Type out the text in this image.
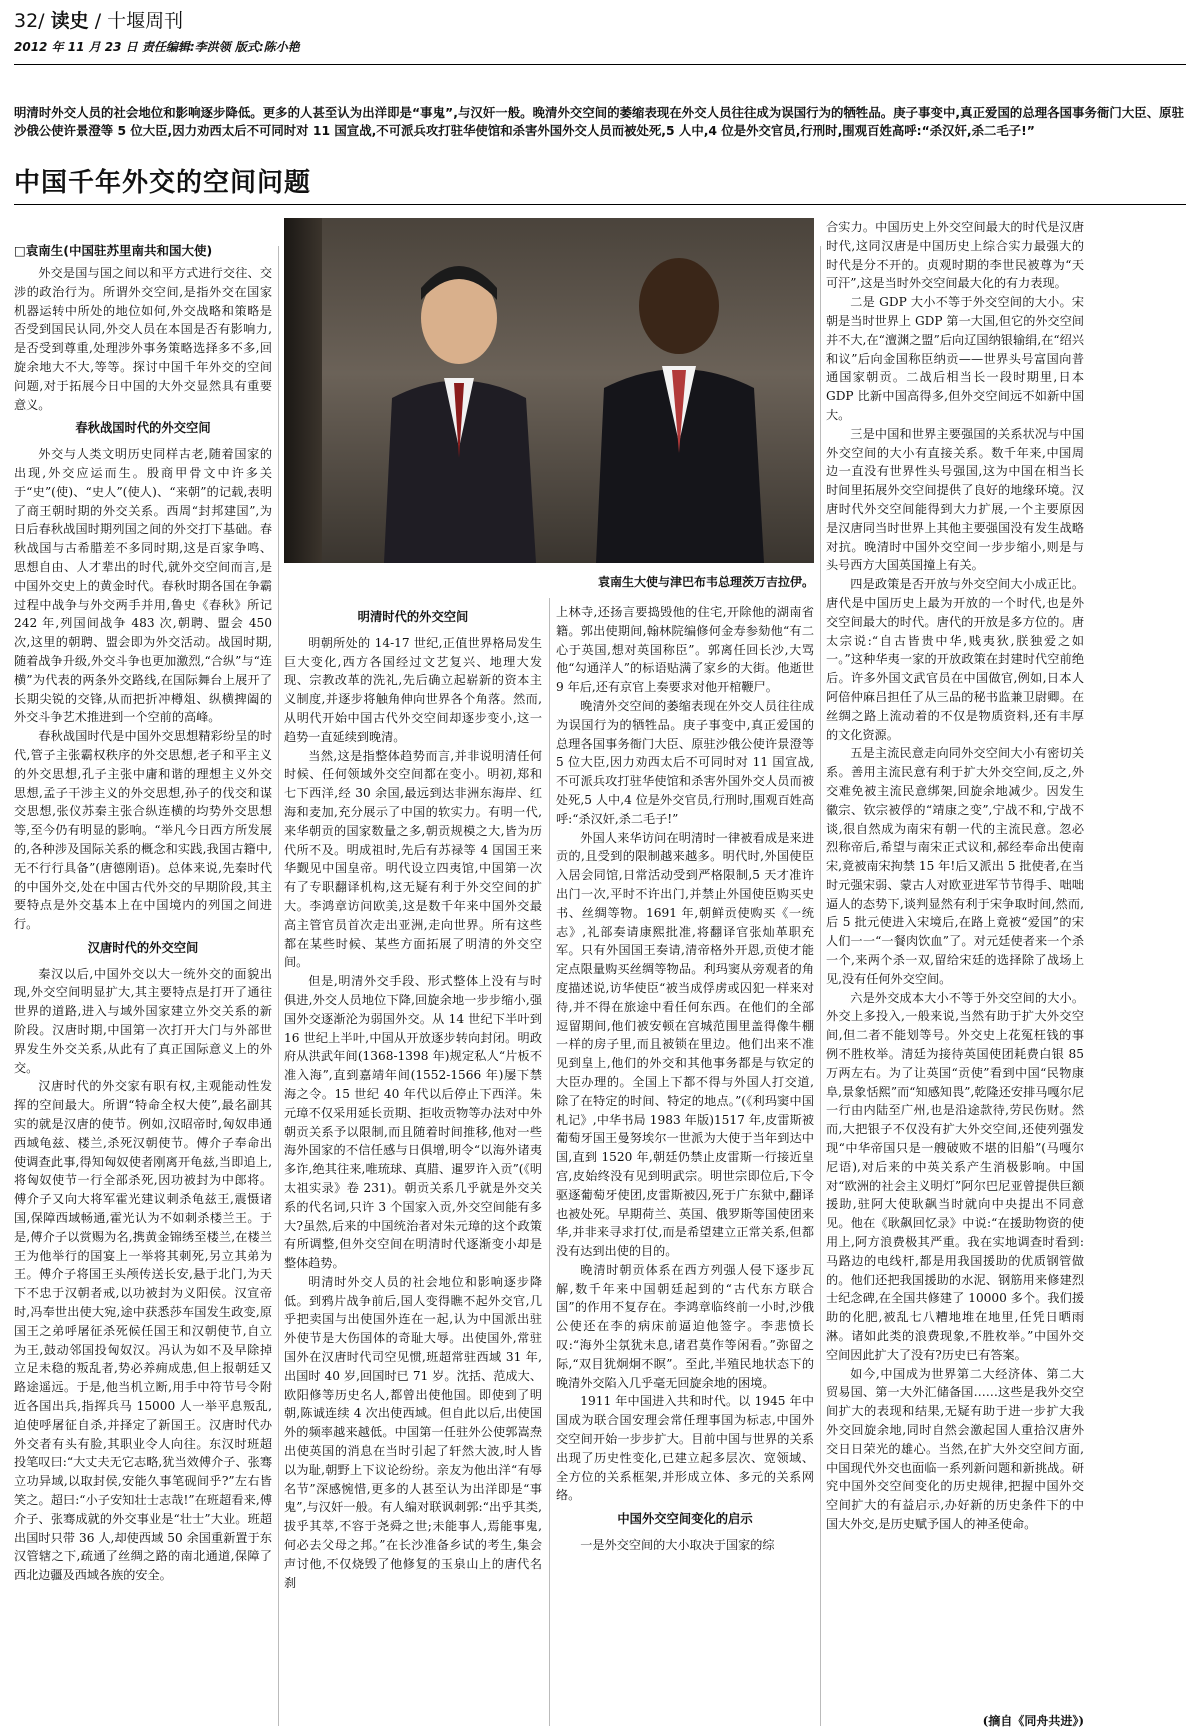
32/ 读史 / 十堰周刊
2012 年 11 月 23 日 责任编辑:李洪领 版式:陈小艳
明清时外交人员的社会地位和影响逐步降低。更多的人甚至认为出洋即是“事鬼”,与汉奸一般。晚清外交空间的萎缩表现在外交人员往往成为误国行为的牺牲品。庚子事变中,真正爱国的总理各国事务衙门大臣、原驻沙俄公使许景澄等 5 位大臣,因力劝西太后不可同时对 11 国宣战,不可派兵攻打驻华使馆和杀害外国外交人员而被处死,5 人中,4 位是外交官员,行刑时,围观百姓高呼:“杀汉奸,杀二毛子!”
中国千年外交的空间问题
□袁南生(中国驻苏里南共和国大使)

外交是国与国之间以和平方式进行交往、交涉的政治行为。所谓外交空间,是指外交在国家机器运转中所处的地位如何,外交战略和策略是否受到国民认同,外交人员在本国是否有影响力,是否受到尊重,处理涉外事务策略选择多不多,回旋余地大不大,等等。探讨中国千年外交的空间问题,对于拓展今日中国的大外交显然具有重要意义。

春秋战国时代的外交空间

外交与人类文明历史同样古老,随着国家的出现,外交应运而生。殷商甲骨文中许多关于“史”(使)、“史人”(使人)、“来朝”的记载,表明了商王朝时期的外交关系。西周“封邦建国”,为日后春秋战国时期列国之间的外交打下基础。春秋战国与古希腊差不多同时期,这是百家争鸣、思想自由、人才辈出的时代,就外交空间而言,是中国外交史上的黄金时代。春秋时期各国在争霸过程中战争与外交两手并用,鲁史《春秋》所记 242 年,列国间战争 483 次,朝聘、盟会 450 次,这里的朝聘、盟会即为外交活动。战国时期,随着战争升级,外交斗争也更加激烈,“合纵”与“连横”为代表的两条外交路线,在国际舞台上展开了长期尖锐的交锋,从而把折冲樽俎、纵横捭阖的外交斗争艺术推进到一个空前的高峰。

春秋战国时代是中国外交思想精彩纷呈的时代,管子主张霸权秩序的外交思想,老子和平主义的外交思想,孔子主张中庸和谐的理想主义外交思想,孟子干涉主义的外交思想,孙子的伐交和谋交思想,张仪苏秦主张合纵连横的均势外交思想等,至今仍有明显的影响。“举凡今日西方所发展的,各种涉及国际关系的概念和实践,我国古籍中,无不行行具备”(唐德刚语)。总体来说,先秦时代的中国外交,处在中国古代外交的早期阶段,其主要特点是外交基本上在中国境内的列国之间进行。

汉唐时代的外交空间

秦汉以后,中国外交以大一统外交的面貌出现,外交空间明显扩大,其主要特点是打开了通往世界的道路,进入与域外国家建立外交关系的新阶段。汉唐时期,中国第一次打开大门与外部世界发生外交关系,从此有了真正国际意义上的外交。

汉唐时代的外交家有职有权,主观能动性发挥的空间最大。所谓“特命全权大使”,最名副其实的就是汉唐的使节。例如,汉昭帝时,匈奴串通西域龟兹、楼兰,杀死汉朝使节。傅介子奉命出使调查此事,得知匈奴使者刚离开龟兹,当即追上,将匈奴使节一行全部杀死,因功被封为中郎将。傅介子又向大将军霍光建议刺杀龟兹王,震慑诸国,保障西域畅通,霍光认为不如刺杀楼兰王。于是,傅介子以赏赐为名,携黄金锦绣至楼兰,在楼兰王为他举行的国宴上一举将其刺死,另立其弟为王。傅介子将国王头颅传送长安,悬于北门,为天下不忠于汉朝者戒,以功被封为义阳侯。汉宣帝时,冯奉世出使大宛,途中获悉莎车国发生政变,原国王之弟呼屠征杀死候任国王和汉朝使节,自立为王,鼓动邻国投匈奴汉。冯认为如不及早除掉立足未稳的叛乱者,势必养痈成患,但上报朝廷又路途遥远。于是,他当机立断,用手中符节号令附近各国出兵,指挥兵马 15000 人一举平息叛乱,迫使呼屠征自杀,并择定了新国王。汉唐时代办外交者有头有脸,其职业令人向往。东汉时班超投笔叹曰:“大丈夫无它志略,犹当效傅介子、张骞立功异域,以取封侯,安能久事笔砚间乎?”左右皆笑之。超曰:“小子安知壮士志哉!”在班超看来,傅介子、张骞成就的外交事业是“壮士”大业。班超出国时只带 36 人,却使西域 50 余国重新置于东汉管辖之下,疏通了丝绸之路的南北通道,保障了西北边疆及西域各族的安全。

袁南生大使与津巴布韦总理茨万吉拉伊。
明清时代的外交空间

明朝所处的 14-17 世纪,正值世界格局发生巨大变化,西方各国经过文艺复兴、地理大发现、宗教改革的洗礼,先后确立起崭新的资本主义制度,并逐步将触角伸向世界各个角落。然而,从明代开始中国古代外交空间却逐步变小,这一趋势一直延续到晚清。

当然,这是指整体趋势而言,并非说明清任何时候、任何领域外交空间都在变小。明初,郑和七下西洋,经 30 余国,最远到达非洲东海岸、红海和麦加,充分展示了中国的软实力。有明一代,来华朝贡的国家数量之多,朝贡规模之大,皆为历代所不及。明成祖时,先后有苏禄等 4 国国王来华觐见中国皇帝。明代设立四夷馆,中国第一次有了专职翻译机构,这无疑有利于外交空间的扩大。李鸿章访问欧美,这是数千年来中国外交最高主管官员首次走出亚洲,走向世界。所有这些都在某些时候、某些方面拓展了明清的外交空间。

但是,明清外交手段、形式整体上没有与时俱进,外交人员地位下降,回旋余地一步步缩小,强国外交逐渐沦为弱国外交。从 14 世纪下半叶到 16 世纪上半叶,中国从开放逐步转向封闭。明政府从洪武年间(1368-1398 年)规定私人“片板不准入海”,直到嘉靖年间(1552-1566 年)屡下禁海之令。15 世纪 40 年代以后停止下西洋。朱元璋不仅采用延长贡期、拒收贡物等办法对中外朝贡关系予以限制,而且随着时间推移,他对一些海外国家的不信任感与日俱增,明令“以海外诸夷多诈,绝其往来,唯琉球、真腊、暹罗许入贡”(《明太祖实录》卷 231)。朝贡关系几乎就是外交关系的代名词,只许 3 个国家入贡,外交空间能有多大?虽然,后来的中国统治者对朱元璋的这个政策有所调整,但外交空间在明清时代逐渐变小却是整体趋势。

明清时外交人员的社会地位和影响逐步降低。到鸦片战争前后,国人变得瞧不起外交官,几乎把卖国与出使国外连在一起,认为中国派出驻外使节是大伤国体的奇耻大辱。出使国外,常驻国外在汉唐时代司空见惯,班超常驻西域 31 年,出国时 40 岁,回国时已 71 岁。沈括、范成大、欧阳修等历史名人,都曾出使他国。即使到了明朝,陈诚连续 4 次出使西域。但自此以后,出使国外的频率越来越低。中国第一任驻外公使郭嵩焘出使英国的消息在当时引起了轩然大波,时人皆以为耻,朝野上下议论纷纷。亲友为他出洋“有辱名节”深感惋惜,更多的人甚至认为出洋即是“事鬼”,与汉奸一般。有人编对联讽刺郭:“出乎其类,拔乎其萃,不容于尧舜之世;未能事人,焉能事鬼,何必去父母之邦。”在长沙准备乡试的考生,集会声讨他,不仅烧毁了他修复的玉泉山上的唐代名刹

上林寺,还扬言要捣毁他的住宅,开除他的湖南省籍。郭出使期间,翰林院编修何金寿参劾他“有二心于英国,想对英国称臣”。郭离任回长沙,大骂他“勾通洋人”的标语贴满了家乡的大街。他逝世 9 年后,还有京官上奏要求对他开棺鞭尸。

晚清外交空间的萎缩表现在外交人员往往成为误国行为的牺牲品。庚子事变中,真正爱国的总理各国事务衙门大臣、原驻沙俄公使许景澄等 5 位大臣,因力劝西太后不可同时对 11 国宣战,不可派兵攻打驻华使馆和杀害外国外交人员而被处死,5 人中,4 位是外交官员,行刑时,围观百姓高呼:“杀汉奸,杀二毛子!”

外国人来华访问在明清时一律被看成是来进贡的,且受到的限制越来越多。明代时,外国使臣入居会同馆,日常活动受到严格限制,5 天才准许出门一次,平时不许出门,并禁止外国使臣购买史书、丝绸等物。1691 年,朝鲜贡使购买《一统志》,礼部奏请康熙批准,将翻译官张灿革职充军。只有外国国王奏请,清帝格外开恩,贡使才能定点限量购买丝绸等物品。利玛窦从旁观者的角度描述说,访华使臣“被当成俘虏或囚犯一样来对待,并不得在旅途中看任何东西。在他们的全部逗留期间,他们被安顿在宫城范围里盖得像牛棚一样的房子里,而且被锁在里边。他们出来不准见到皇上,他们的外交和其他事务都是与钦定的大臣办理的。全国上下都不得与外国人打交道,除了在特定的时间、特定的地点。”(《利玛窦中国札记》,中华书局 1983 年版)1517 年,皮雷斯被葡萄牙国王曼努埃尔一世派为大使于当年到达中国,直到 1520 年,朝廷仍禁止皮雷斯一行接近皇宫,皮始终没有见到明武宗。明世宗即位后,下令驱逐葡萄牙使团,皮雷斯被囚,死于广东狱中,翻译也被处死。早期荷兰、英国、俄罗斯等国使团来华,并非来寻求打仗,而是希望建立正常关系,但都没有达到出使的目的。

晚清时朝贡体系在西方列强人侵下逐步瓦解,数千年来中国朝廷起到的“古代东方联合国”的作用不复存在。李鸿章临终前一小时,沙俄公使还在李的病床前逼迫他签字。李悲愤长叹:“海外尘氛犹未息,诸君莫作等闲看。”弥留之际,“双目犹炯炯不瞑”。至此,半殖民地状态下的晚清外交陷入几乎毫无回旋余地的困境。

1911 年中国进入共和时代。以 1945 年中国成为联合国安理会常任理事国为标志,中国外交空间开始一步步扩大。目前中国与世界的关系出现了历史性变化,已建立起多层次、宽领域、全方位的关系框架,并形成立体、多元的关系网络。

中国外交空间变化的启示

一是外交空间的大小取决于国家的综

合实力。中国历史上外交空间最大的时代是汉唐时代,这同汉唐是中国历史上综合实力最强大的时代是分不开的。贞观时期的李世民被尊为“天可汗”,这是当时外交空间最大化的有力表现。

二是 GDP 大小不等于外交空间的大小。宋朝是当时世界上 GDP 第一大国,但它的外交空间并不大,在“澶渊之盟”后向辽国纳银输绢,在“绍兴和议”后向金国称臣纳贡——世界头号富国向普通国家朝贡。二战后相当长一段时期里,日本 GDP 比新中国高得多,但外交空间远不如新中国大。

三是中国和世界主要强国的关系状况与中国外交空间的大小有直接关系。数千年来,中国周边一直没有世界性头号强国,这为中国在相当长时间里拓展外交空间提供了良好的地缘环境。汉唐时代外交空间能得到大力扩展,一个主要原因是汉唐同当时世界上其他主要强国没有发生战略对抗。晚清时中国外交空间一步步缩小,则是与头号西方大国英国撞上有关。

四是政策是否开放与外交空间大小成正比。唐代是中国历史上最为开放的一个时代,也是外交空间最大的时代。唐代的开放是多方位的。唐太宗说:“自古皆贵中华,贱夷狄,朕独爱之如一。”这种华夷一家的开放政策在封建时代空前绝后。许多外国文武官员在中国做官,例如,日本人阿倍仲麻吕担任了从三品的秘书监兼卫尉卿。在丝绸之路上流动着的不仅是物质资料,还有丰厚的文化资源。

五是主流民意走向同外交空间大小有密切关系。善用主流民意有利于扩大外交空间,反之,外交难免被主流民意绑架,回旋余地减少。因发生徽宗、钦宗被俘的“靖康之变”,宁战不和,宁战不谈,很自然成为南宋有朝一代的主流民意。忽必烈称帝后,希望与南宋正式议和,郝经奉命出使南宋,竟被南宋拘禁 15 年!后又派出 5 批使者,在当时元强宋弱、蒙古人对欧亚进军节节得手、咄咄逼人的态势下,谈判显然有利于宋争取时间,然而,后 5 批元使进入宋境后,在路上竟被“爱国”的宋人们一一“一餐肉饮血”了。对元廷使者来一个杀一个,来两个杀一双,留给宋廷的选择除了战场上见,没有任何外交空间。

六是外交成本大小不等于外交空间的大小。外交上多投入,一般来说,当然有助于扩大外交空间,但二者不能划等号。外交史上花冤枉钱的事例不胜枚举。清廷为接待英国使团耗费白银 85 万两左右。为了让英国“贡使”看到中国“民物康阜,景象恬熙”而“知感知畏”,乾隆还安排马嘎尔尼一行由内陆至广州,也是沿途款待,劳民伤财。然而,大把银子不仅没有扩大外交空间,还使列强发现“中华帝国只是一艘破败不堪的旧船”(马嘎尔尼语),对后来的中英关系产生消极影响。中国对“欧洲的社会主义明灯”阿尔巴尼亚曾提供巨额援助,驻阿大使耿飙当时就向中央提出不同意见。他在《耿飙回忆录》中说:“在援助物资的使用上,阿方浪费极其严重。我在实地调查时看到:马路边的电线杆,都是用我国援助的优质钢管做的。他们还把我国援助的水泥、钢筋用来修建烈士纪念碑,在全国共修建了 10000 多个。我们援助的化肥,被乱七八糟地堆在地里,任凭日晒雨淋。诸如此类的浪费现象,不胜枚举。”中国外交空间因此扩大了没有?历史已有答案。

如今,中国成为世界第二大经济体、第二大贸易国、第一大外汇储备国……这些是我外交空间扩大的表现和结果,无疑有助于进一步扩大我外交回旋余地,同时自然会激起国人重拾汉唐外交日日荣光的雄心。当然,在扩大外交空间方面,中国现代外交也面临一系列新问题和新挑战。研究中国外交空间变化的历史规律,把握中国外交空间扩大的有益启示,办好新的历史条件下的中国大外交,是历史赋予国人的神圣使命。

(摘自《同舟共进》)
